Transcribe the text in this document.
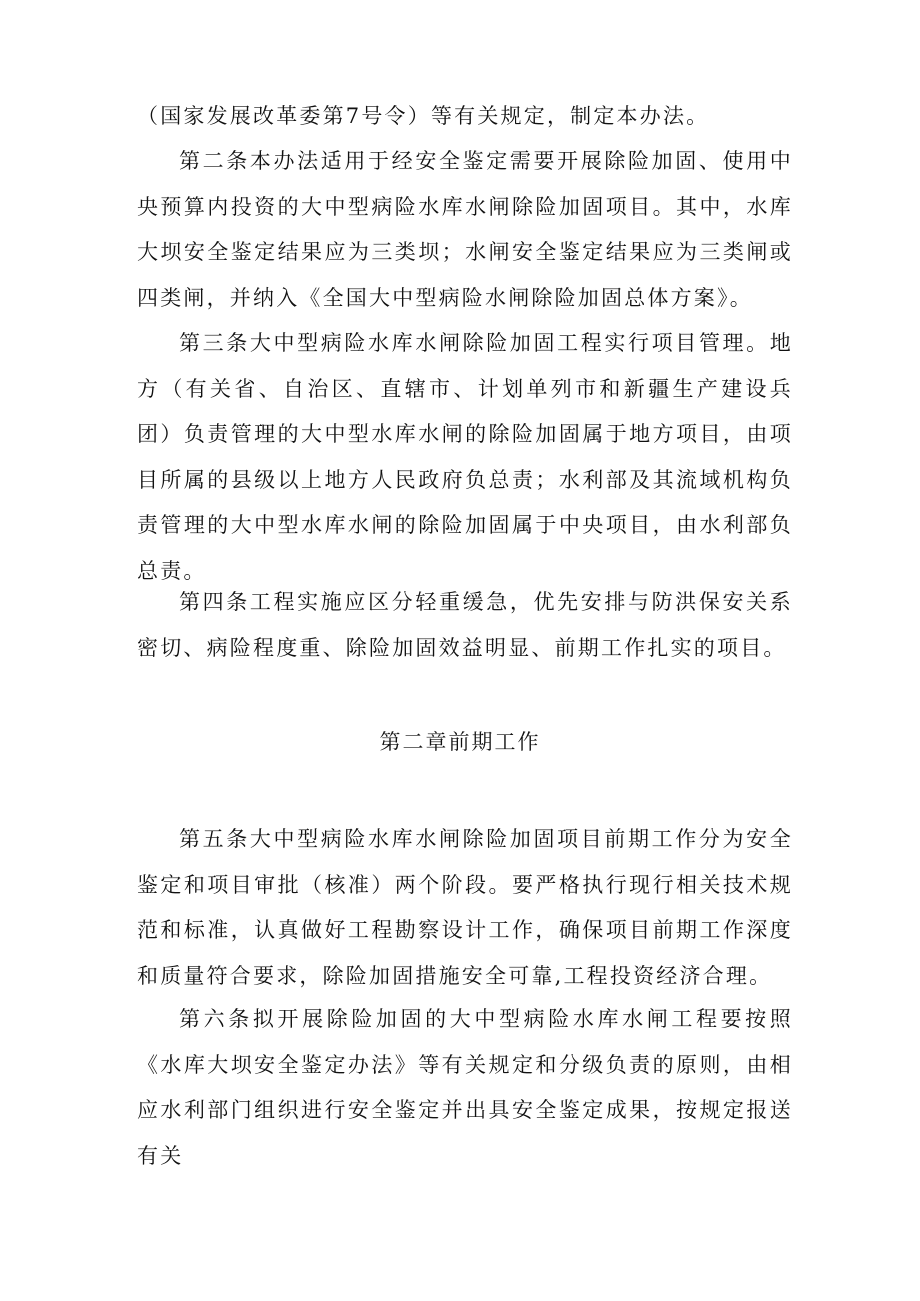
（国家发展改革委第7号令）等有关规定，制定本办法。

第二条本办法适用于经安全鉴定需要开展除险加固、使用中央预算内投资的大中型病险水库水闸除险加固项目。其中，水库大坝安全鉴定结果应为三类坝；水闸安全鉴定结果应为三类闸或四类闸，并纳入《全国大中型病险水闸除险加固总体方案》。

第三条大中型病险水库水闸除险加固工程实行项目管理。地方（有关省、自治区、直辖市、计划单列市和新疆生产建设兵团）负责管理的大中型水库水闸的除险加固属于地方项目，由项目所属的县级以上地方人民政府负总责；水利部及其流域机构负责管理的大中型水库水闸的除险加固属于中央项目，由水利部负总责。

第四条工程实施应区分轻重缓急，优先安排与防洪保安关系密切、病险程度重、除险加固效益明显、前期工作扎实的项目。

第二章前期工作

第五条大中型病险水库水闸除险加固项目前期工作分为安全鉴定和项目审批（核准）两个阶段。要严格执行现行相关技术规范和标准，认真做好工程勘察设计工作，确保项目前期工作深度和质量符合要求，除险加固措施安全可靠,工程投资经济合理。

第六条拟开展除险加固的大中型病险水库水闸工程要按照《水库大坝安全鉴定办法》等有关规定和分级负责的原则，由相应水利部门组织进行安全鉴定并出具安全鉴定成果，按规定报送有关
